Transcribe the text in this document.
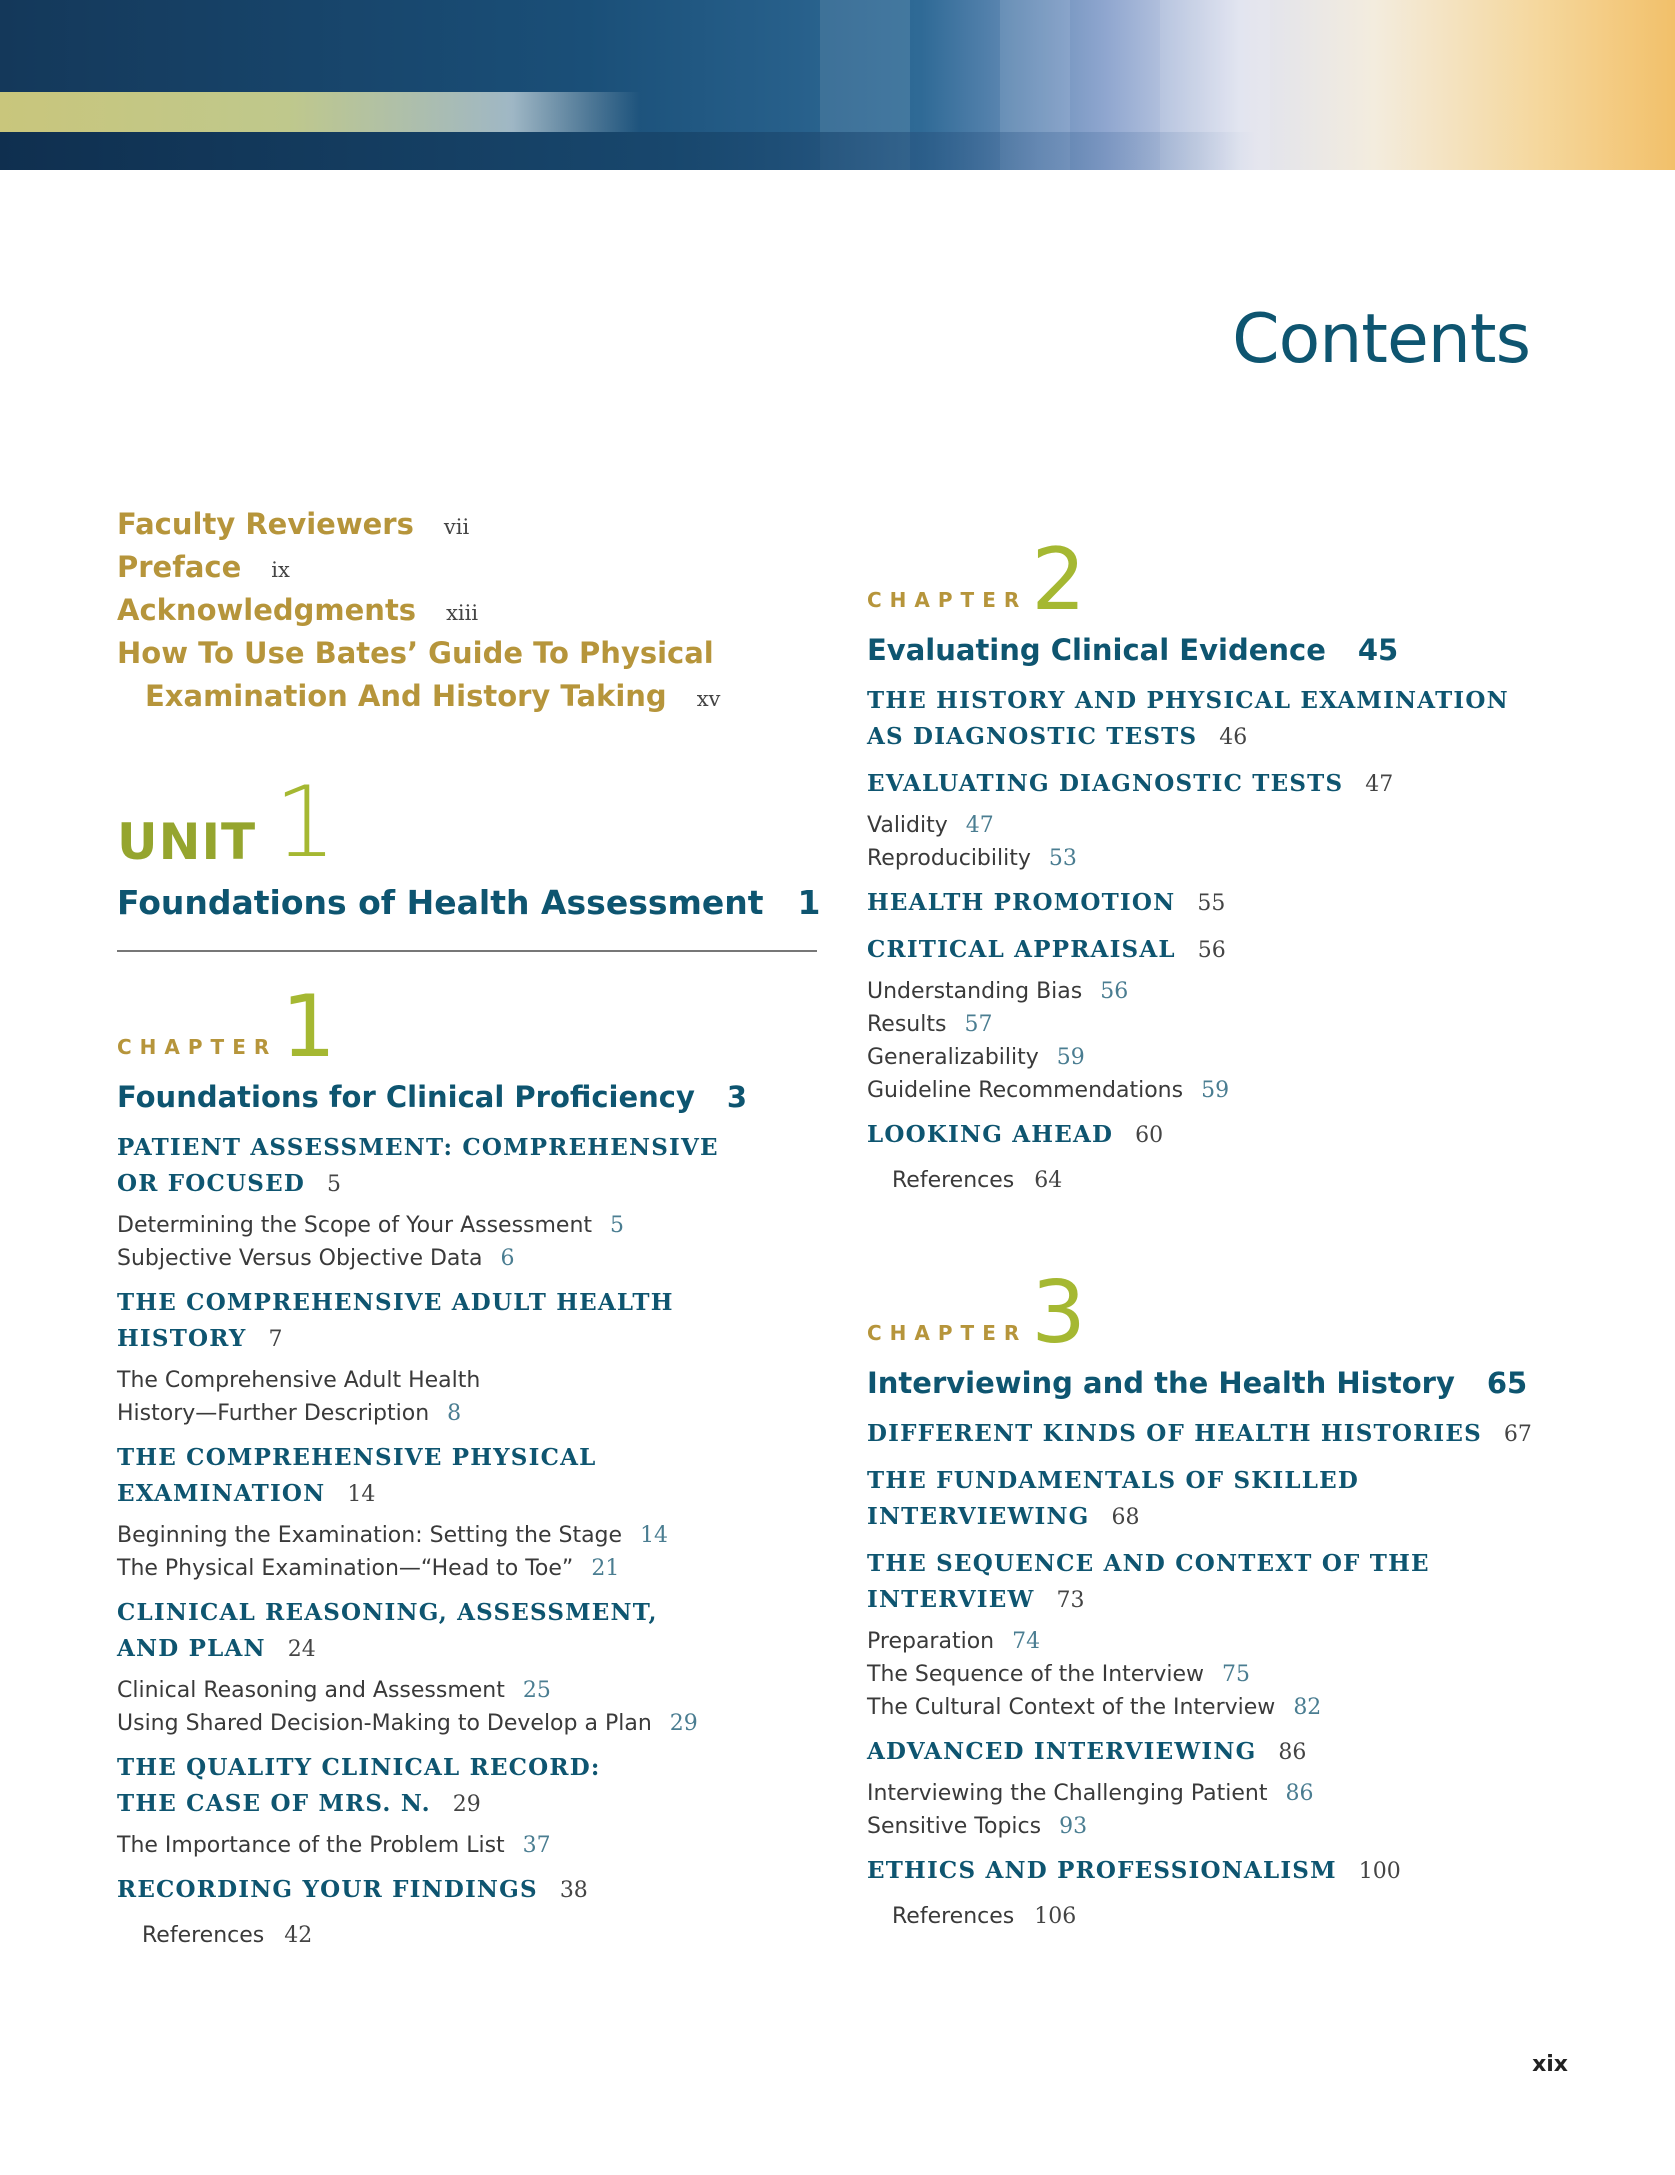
Contents
Faculty Reviewers vii
Preface ix
Acknowledgments xiii
How To Use Bates’ Guide To Physical
Examination And History Taking xv
UNIT 1
Foundations of Health Assessment 1
CHAPTER 1
Foundations for Clinical Proficiency 3
PATIENT ASSESSMENT: COMPREHENSIVE
OR FOCUSED 5
Determining the Scope of Your Assessment 5
Subjective Versus Objective Data 6
THE COMPREHENSIVE ADULT HEALTH HISTORY 7
The Comprehensive Adult Health
History—Further Description 8
THE COMPREHENSIVE PHYSICAL
EXAMINATION 14
Beginning the Examination: Setting the Stage 14
The Physical Examination—“Head to Toe” 21
CLINICAL REASONING, ASSESSMENT,
AND PLAN 24
Clinical Reasoning and Assessment 25
Using Shared Decision-Making to Develop a Plan 29
THE QUALITY CLINICAL RECORD:
THE CASE OF MRS. N. 29
The Importance of the Problem List 37
RECORDING YOUR FINDINGS 38
References 42
CHAPTER 2
Evaluating Clinical Evidence 45
THE HISTORY AND PHYSICAL EXAMINATION
AS DIAGNOSTIC TESTS 46
EVALUATING DIAGNOSTIC TESTS 47
Validity 47
Reproducibility 53
HEALTH PROMOTION 55
CRITICAL APPRAISAL 56
Understanding Bias 56
Results 57
Generalizability 59
Guideline Recommendations 59
LOOKING AHEAD 60
References 64
CHAPTER 3
Interviewing and the Health History 65
DIFFERENT KINDS OF HEALTH HISTORIES 67
THE FUNDAMENTALS OF SKILLED
INTERVIEWING 68
THE SEQUENCE AND CONTEXT OF THE
INTERVIEW 73
Preparation 74
The Sequence of the Interview 75
The Cultural Context of the Interview 82
ADVANCED INTERVIEWING 86
Interviewing the Challenging Patient 86
Sensitive Topics 93
ETHICS AND PROFESSIONALISM 100
References 106
xix
